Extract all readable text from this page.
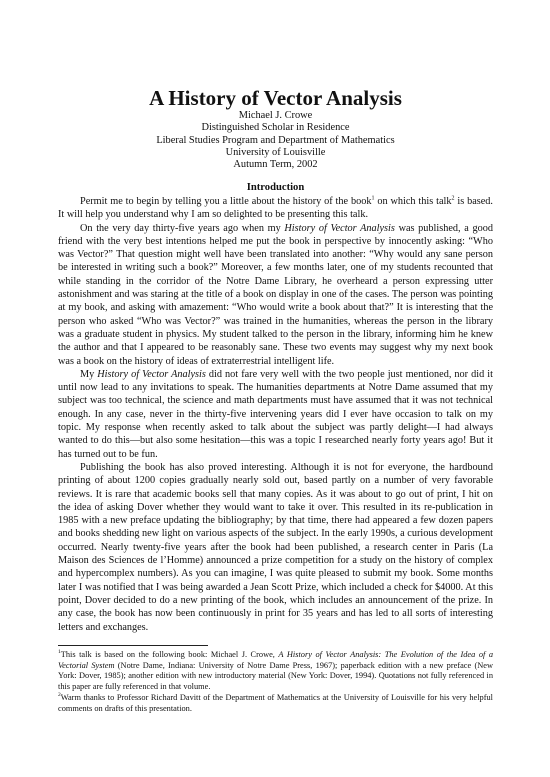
A History of Vector Analysis
Michael J. Crowe
Distinguished Scholar in Residence
Liberal Studies Program and Department of Mathematics
University of Louisville
Autumn Term, 2002
Introduction

Permit me to begin by telling you a little about the history of the book$^1$ on which this talk$^2$ is based. It will help you understand why I am so delighted to be presenting this talk.

On the very day thirty-five years ago when my History of Vector Analysis was published, a good friend with the very best intentions helped me put the book in perspective by innocently asking: “Who was Vector?” That question might well have been translated into another: “Why would any sane person be interested in writing such a book?” Moreover, a few months later, one of my students recounted that while standing in the corridor of the Notre Dame Library, he overheard a person expressing utter astonishment and was staring at the title of a book on display in one of the cases. The person was pointing at my book, and asking with amazement: “Who would write a book about that?” It is interesting that the person who asked “Who was Vector?” was trained in the humanities, whereas the person in the library was a graduate student in physics. My student talked to the person in the library, informing him he knew the author and that I appeared to be reasonably sane. These two events may suggest why my next book was a book on the history of ideas of extraterrestrial intelligent life.

My History of Vector Analysis did not fare very well with the two people just mentioned, nor did it until now lead to any invitations to speak. The humanities departments at Notre Dame assumed that my subject was too technical, the science and math departments must have assumed that it was not technical enough. In any case, never in the thirty-five intervening years did I ever have occasion to talk on my topic. My response when recently asked to talk about the subject was partly delight—I had always wanted to do this—but also some hesitation—this was a topic I researched nearly forty years ago! But it has turned out to be fun.

Publishing the book has also proved interesting. Although it is not for everyone, the hardbound printing of about 1200 copies gradually nearly sold out, based partly on a number of very favorable reviews. It is rare that academic books sell that many copies. As it was about to go out of print, I hit on the idea of asking Dover whether they would want to take it over. This resulted in its re-publication in 1985 with a new preface updating the bibliography; by that time, there had appeared a few dozen papers and books shedding new light on various aspects of the subject. In the early 1990s, a curious development occurred. Nearly twenty-five years after the book had been published, a research center in Paris (La Maison des Sciences de l’Homme) announced a prize competition for a study on the history of complex and hypercomplex numbers). As you can imagine, I was quite pleased to submit my book. Some months later I was notified that I was being awarded a Jean Scott Prize, which included a check for $4000. At this point, Dover decided to do a new printing of the book, which includes an announcement of the prize. In any case, the book has now been continuously in print for 35 years and has led to all sorts of interesting letters and exchanges.

$^1$This talk is based on the following book: Michael J. Crowe, A History of Vector Analysis: The Evolution of the Idea of a Vectorial System (Notre Dame, Indiana: University of Notre Dame Press, 1967); paperback edition with a new preface (New York: Dover, 1985); another edition with new introductory material (New York: Dover, 1994). Quotations not fully referenced in this paper are fully referenced in that volume.

$^2$Warm thanks to Professor Richard Davitt of the Department of Mathematics at the University of Louisville for his very helpful comments on drafts of this presentation.
